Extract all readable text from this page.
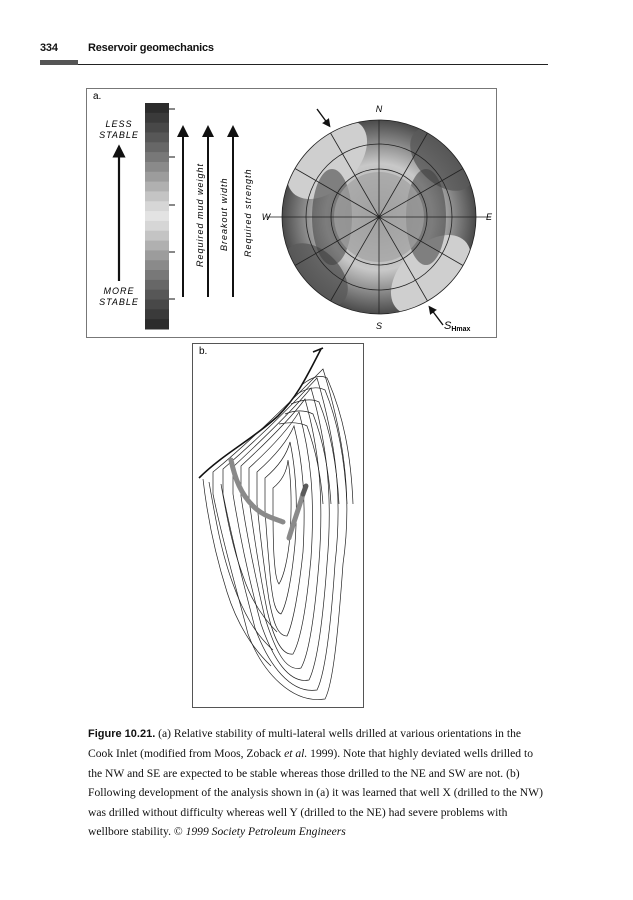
334	Reservoir geomechanics
a.
LESS
STABLE
MORE
STABLE
Required mud weight Breakout width Required strength
N
S
W	E
SHmax
b.
Figure 10.21. (a) Relative stability of multi-lateral wells drilled at various orientations in the Cook Inlet (modified from Moos, Zoback et al. 1999). Note that highly deviated wells drilled to the NW and SE are expected to be stable whereas those drilled to the NE and SW are not. (b) Following development of the analysis shown in (a) it was learned that well X (drilled to the NW) was drilled without difficulty whereas well Y (drilled to the NE) had severe problems with wellbore stability. © 1999 Society Petroleum Engineers
